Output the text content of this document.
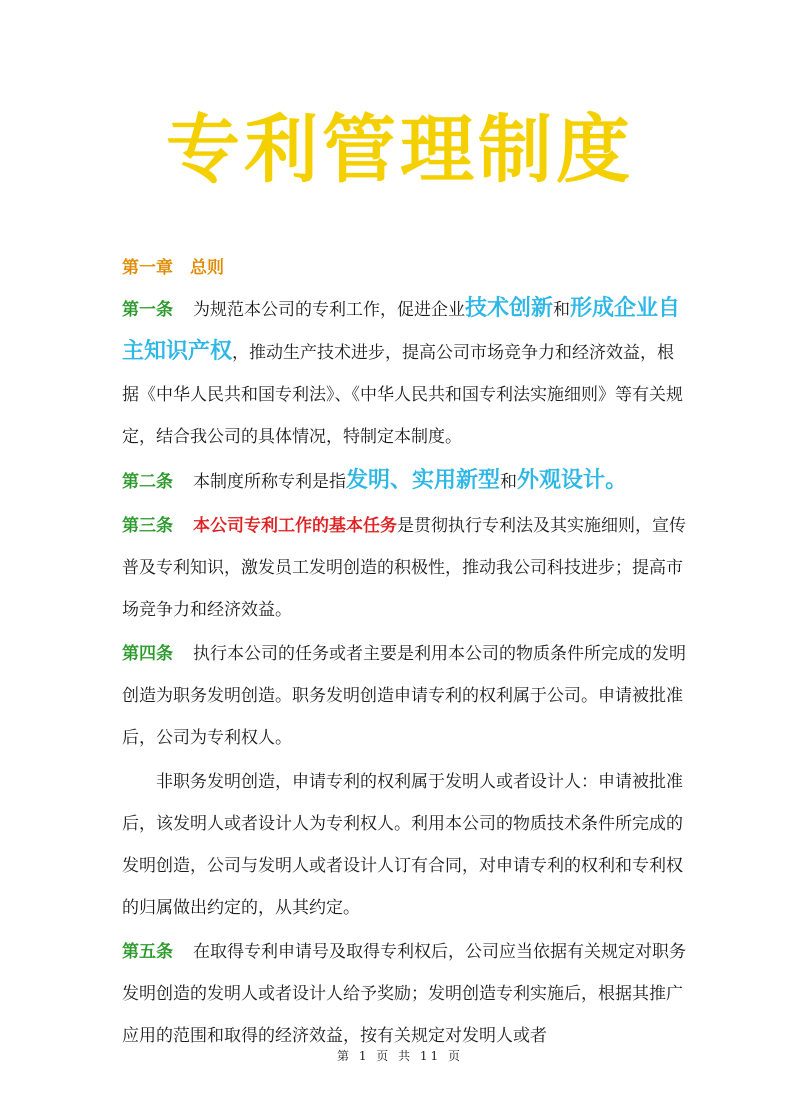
专利管理制度
第一章　总则

第一条 为规范本公司的专利工作，促进企业技术创新和形成企业自主知识产权，推动生产技术进步，提高公司市场竞争力和经济效益，根据《中华人民共和国专利法》、《中华人民共和国专利法实施细则》等有关规定，结合我公司的具体情况，特制定本制度。

第二条 本制度所称专利是指发明、实用新型和外观设计。

第三条 本公司专利工作的基本任务是贯彻执行专利法及其实施细则，宣传普及专利知识，激发员工发明创造的积极性，推动我公司科技进步；提高市场竞争力和经济效益。

第四条 执行本公司的任务或者主要是利用本公司的物质条件所完成的发明创造为职务发明创造。职务发明创造申请专利的权利属于公司。申请被批准后，公司为专利权人。

非职务发明创造，申请专利的权利属于发明人或者设计人：申请被批准后，该发明人或者设计人为专利权人。利用本公司的物质技术条件所完成的发明创造，公司与发明人或者设计人订有合同，对申请专利的权利和专利权的归属做出约定的，从其约定。

第五条 在取得专利申请号及取得专利权后，公司应当依据有关规定对职务发明创造的发明人或者设计人给予奖励；发明创造专利实施后，根据其推广应用的范围和取得的经济效益，按有关规定对发明人或者

第 1 页 共 11 页
